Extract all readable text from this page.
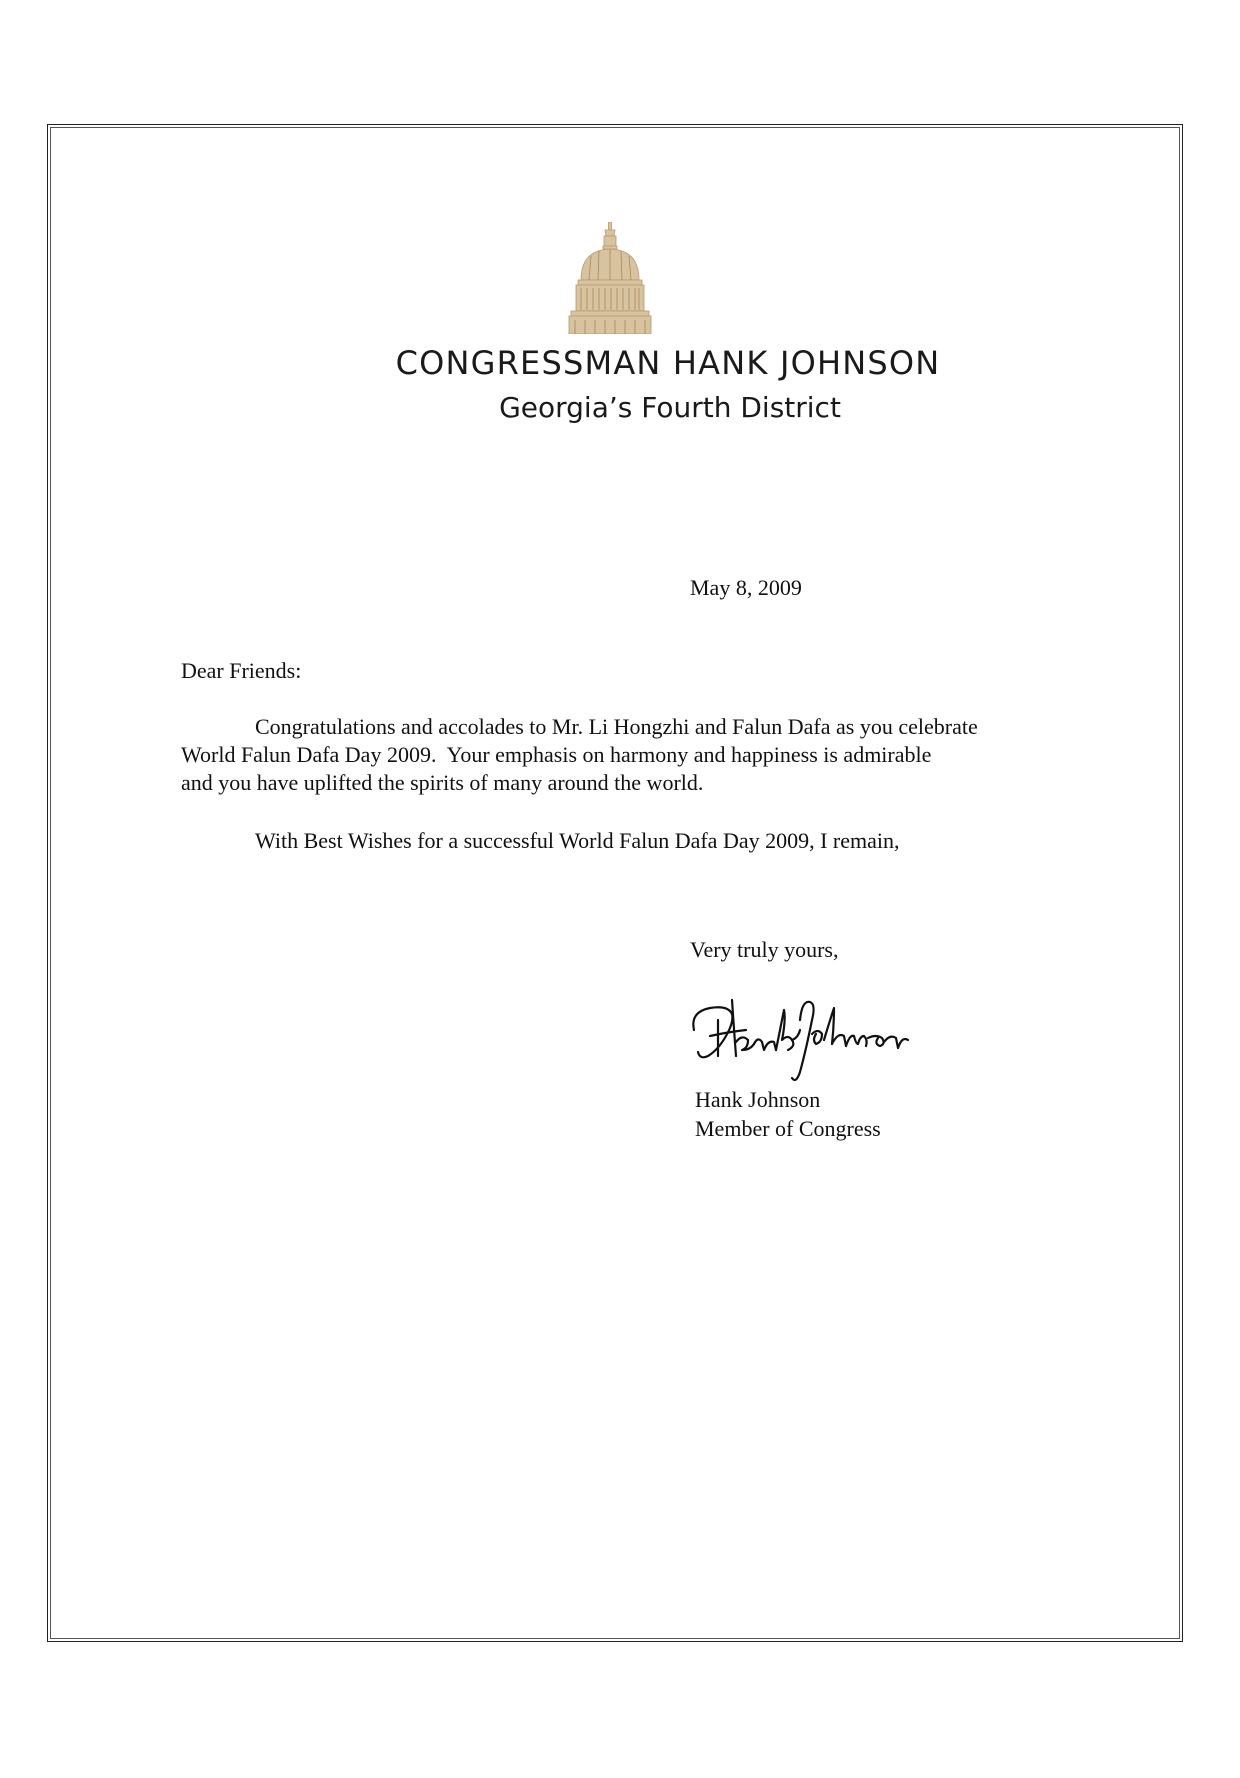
CONGRESSMAN HANK JOHNSON
Georgia’s Fourth District
May 8, 2009
Dear Friends:
Congratulations and accolades to Mr. Li Hongzhi and Falun Dafa as you celebrate
World Falun Dafa Day 2009.  Your emphasis on harmony and happiness is admirable
and you have uplifted the spirits of many around the world.
With Best Wishes for a successful World Falun Dafa Day 2009, I remain,
Very truly yours,
Hank Johnson
Member of Congress
